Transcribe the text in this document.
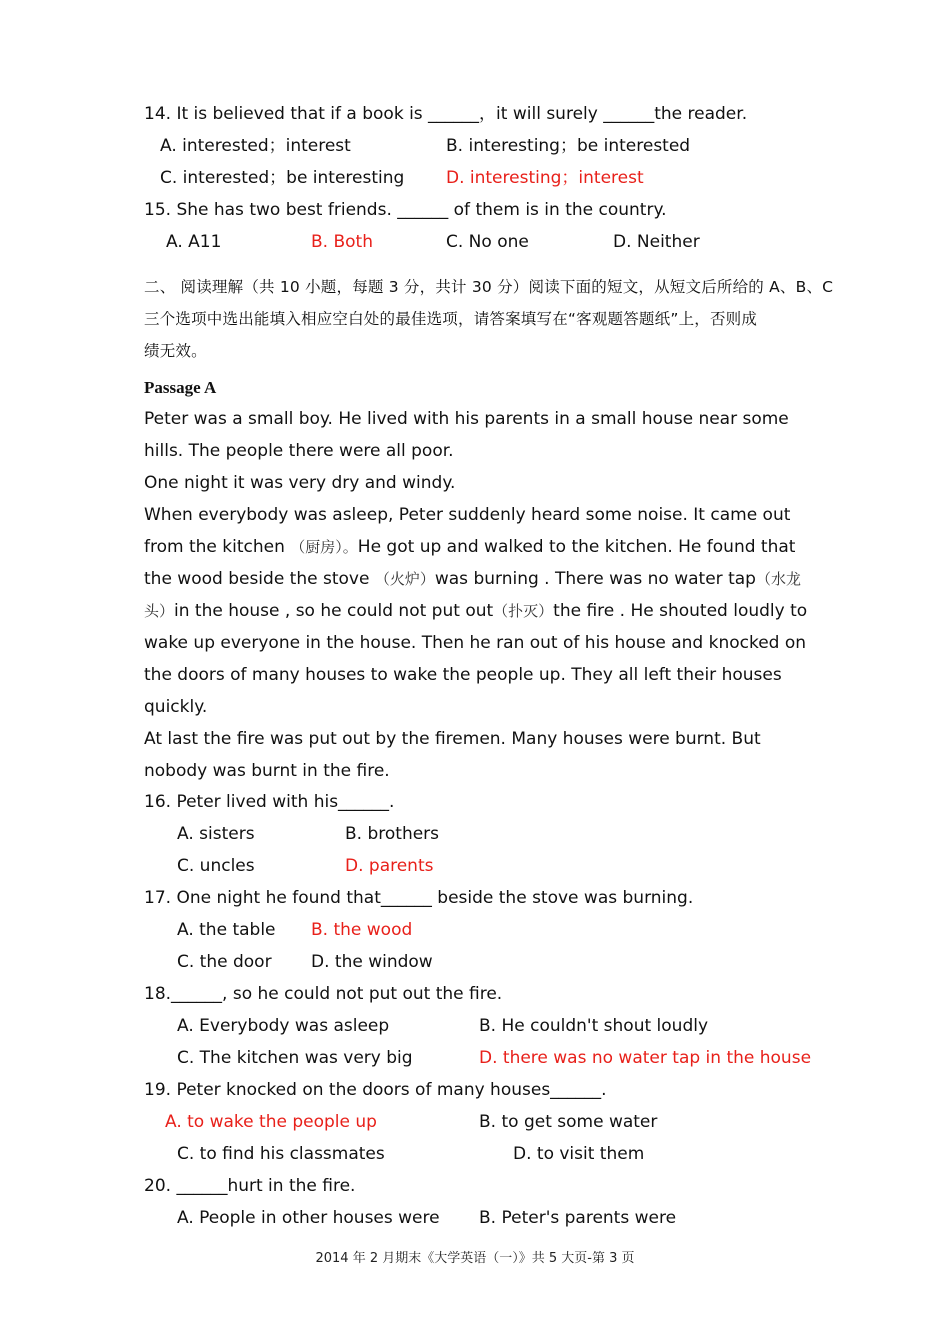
14. It is believed that if a book is ______，it will surely ______the reader.
A. interested；interest	B. interesting；be interested
C. interested；be interesting D. interesting；interest
15. She has two best friends. ______ of them is in the country.
A. A11	B. Both	C. No one	D. Neither
二、 阅读理解（共 10 小题，每题 3 分，共计 30 分）阅读下面的短文，从短文后所给的 A、B、C
三个选项中选出能填入相应空白处的最佳选项，请答案填写在“客观题答题纸”上，否则成
绩无效。
Passage A
Peter was a small boy. He lived with his parents in a small house near some
hills. The people there were all poor.
One night it was very dry and windy.
When everybody was asleep, Peter suddenly heard some noise. It came out
from the kitchen （厨房）。He got up and walked to the kitchen. He found that
the wood beside the stove （火炉）was burning . There was no water tap（水龙
头）in the house , so he could not put out（扑灭）the fire . He shouted loudly to
wake up everyone in the house. Then he ran out of his house and knocked on
the doors of many houses to wake the people up. They all left their houses
quickly.
At last the fire was put out by the firemen. Many houses were burnt. But
nobody was burnt in the fire.
16. Peter lived with his______.
A. sisters	B. brothers
C. uncles	D. parents
17. One night he found that______ beside the stove was burning.
A. the table B. the wood
C. the door D. the window
18.______, so he could not put out the fire.
A. Everybody was asleep	B. He couldn't shout loudly
C. The kitchen was very big	D. there was no water tap in the house
19. Peter knocked on the doors of many houses______.
A. to wake the people up	B. to get some water
C. to find his classmates	D. to visit them
20. ______hurt in the fire.
A. People in other houses were B. Peter's parents were
2014 年 2 月期末《大学英语（一）》共 5 大页-第 3 页
